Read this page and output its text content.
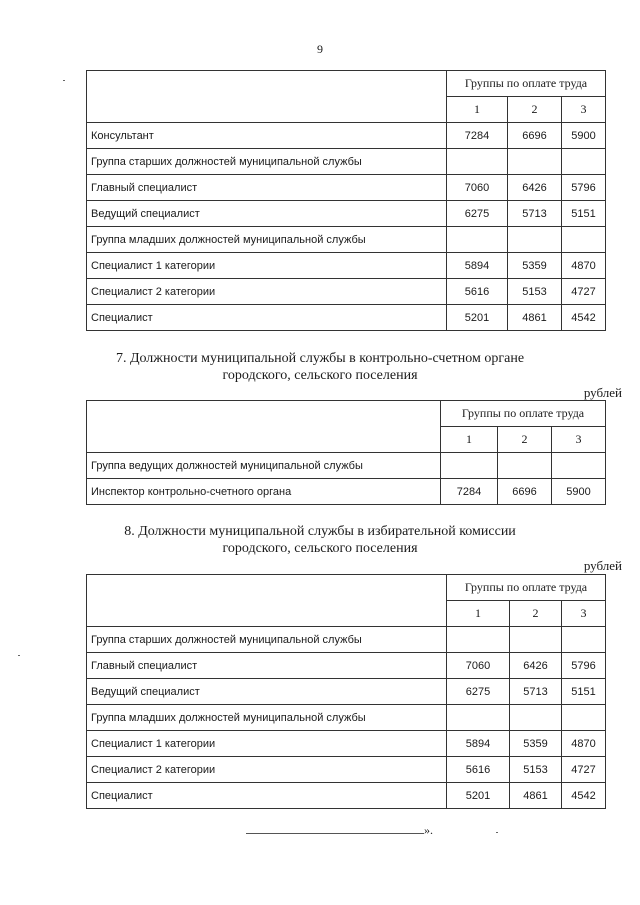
9
	Группы по оплате труда		
	1	2	3
Консультант	7284	6696	5900
Группа старших должностей муниципальной службы			
Главный специалист	7060	6426	5796
Ведущий специалист	6275	5713	5151
Группа младших должностей муниципальной службы			
Специалист 1 категории	5894	5359	4870
Специалист 2 категории	5616	5153	4727
Специалист	5201	4861	4542
7. Должности муниципальной службы в контрольно-счетном органе
городского, сельского поселения
рублей
	Группы по оплате труда		
	1	2	3
Группа ведущих должностей муниципальной службы			
Инспектор контрольно-счетного органа	7284	6696	5900
8. Должности муниципальной службы в избирательной комиссии
городского, сельского поселения
рублей
	Группы по оплате труда		
	1	2	3
Группа старших должностей муниципальной службы			
Главный специалист	7060	6426	5796
Ведущий специалист	6275	5713	5151
Группа младших должностей муниципальной службы			
Специалист 1 категории	5894	5359	4870
Специалист 2 категории	5616	5153	4727
Специалист	5201	4861	4542
».
